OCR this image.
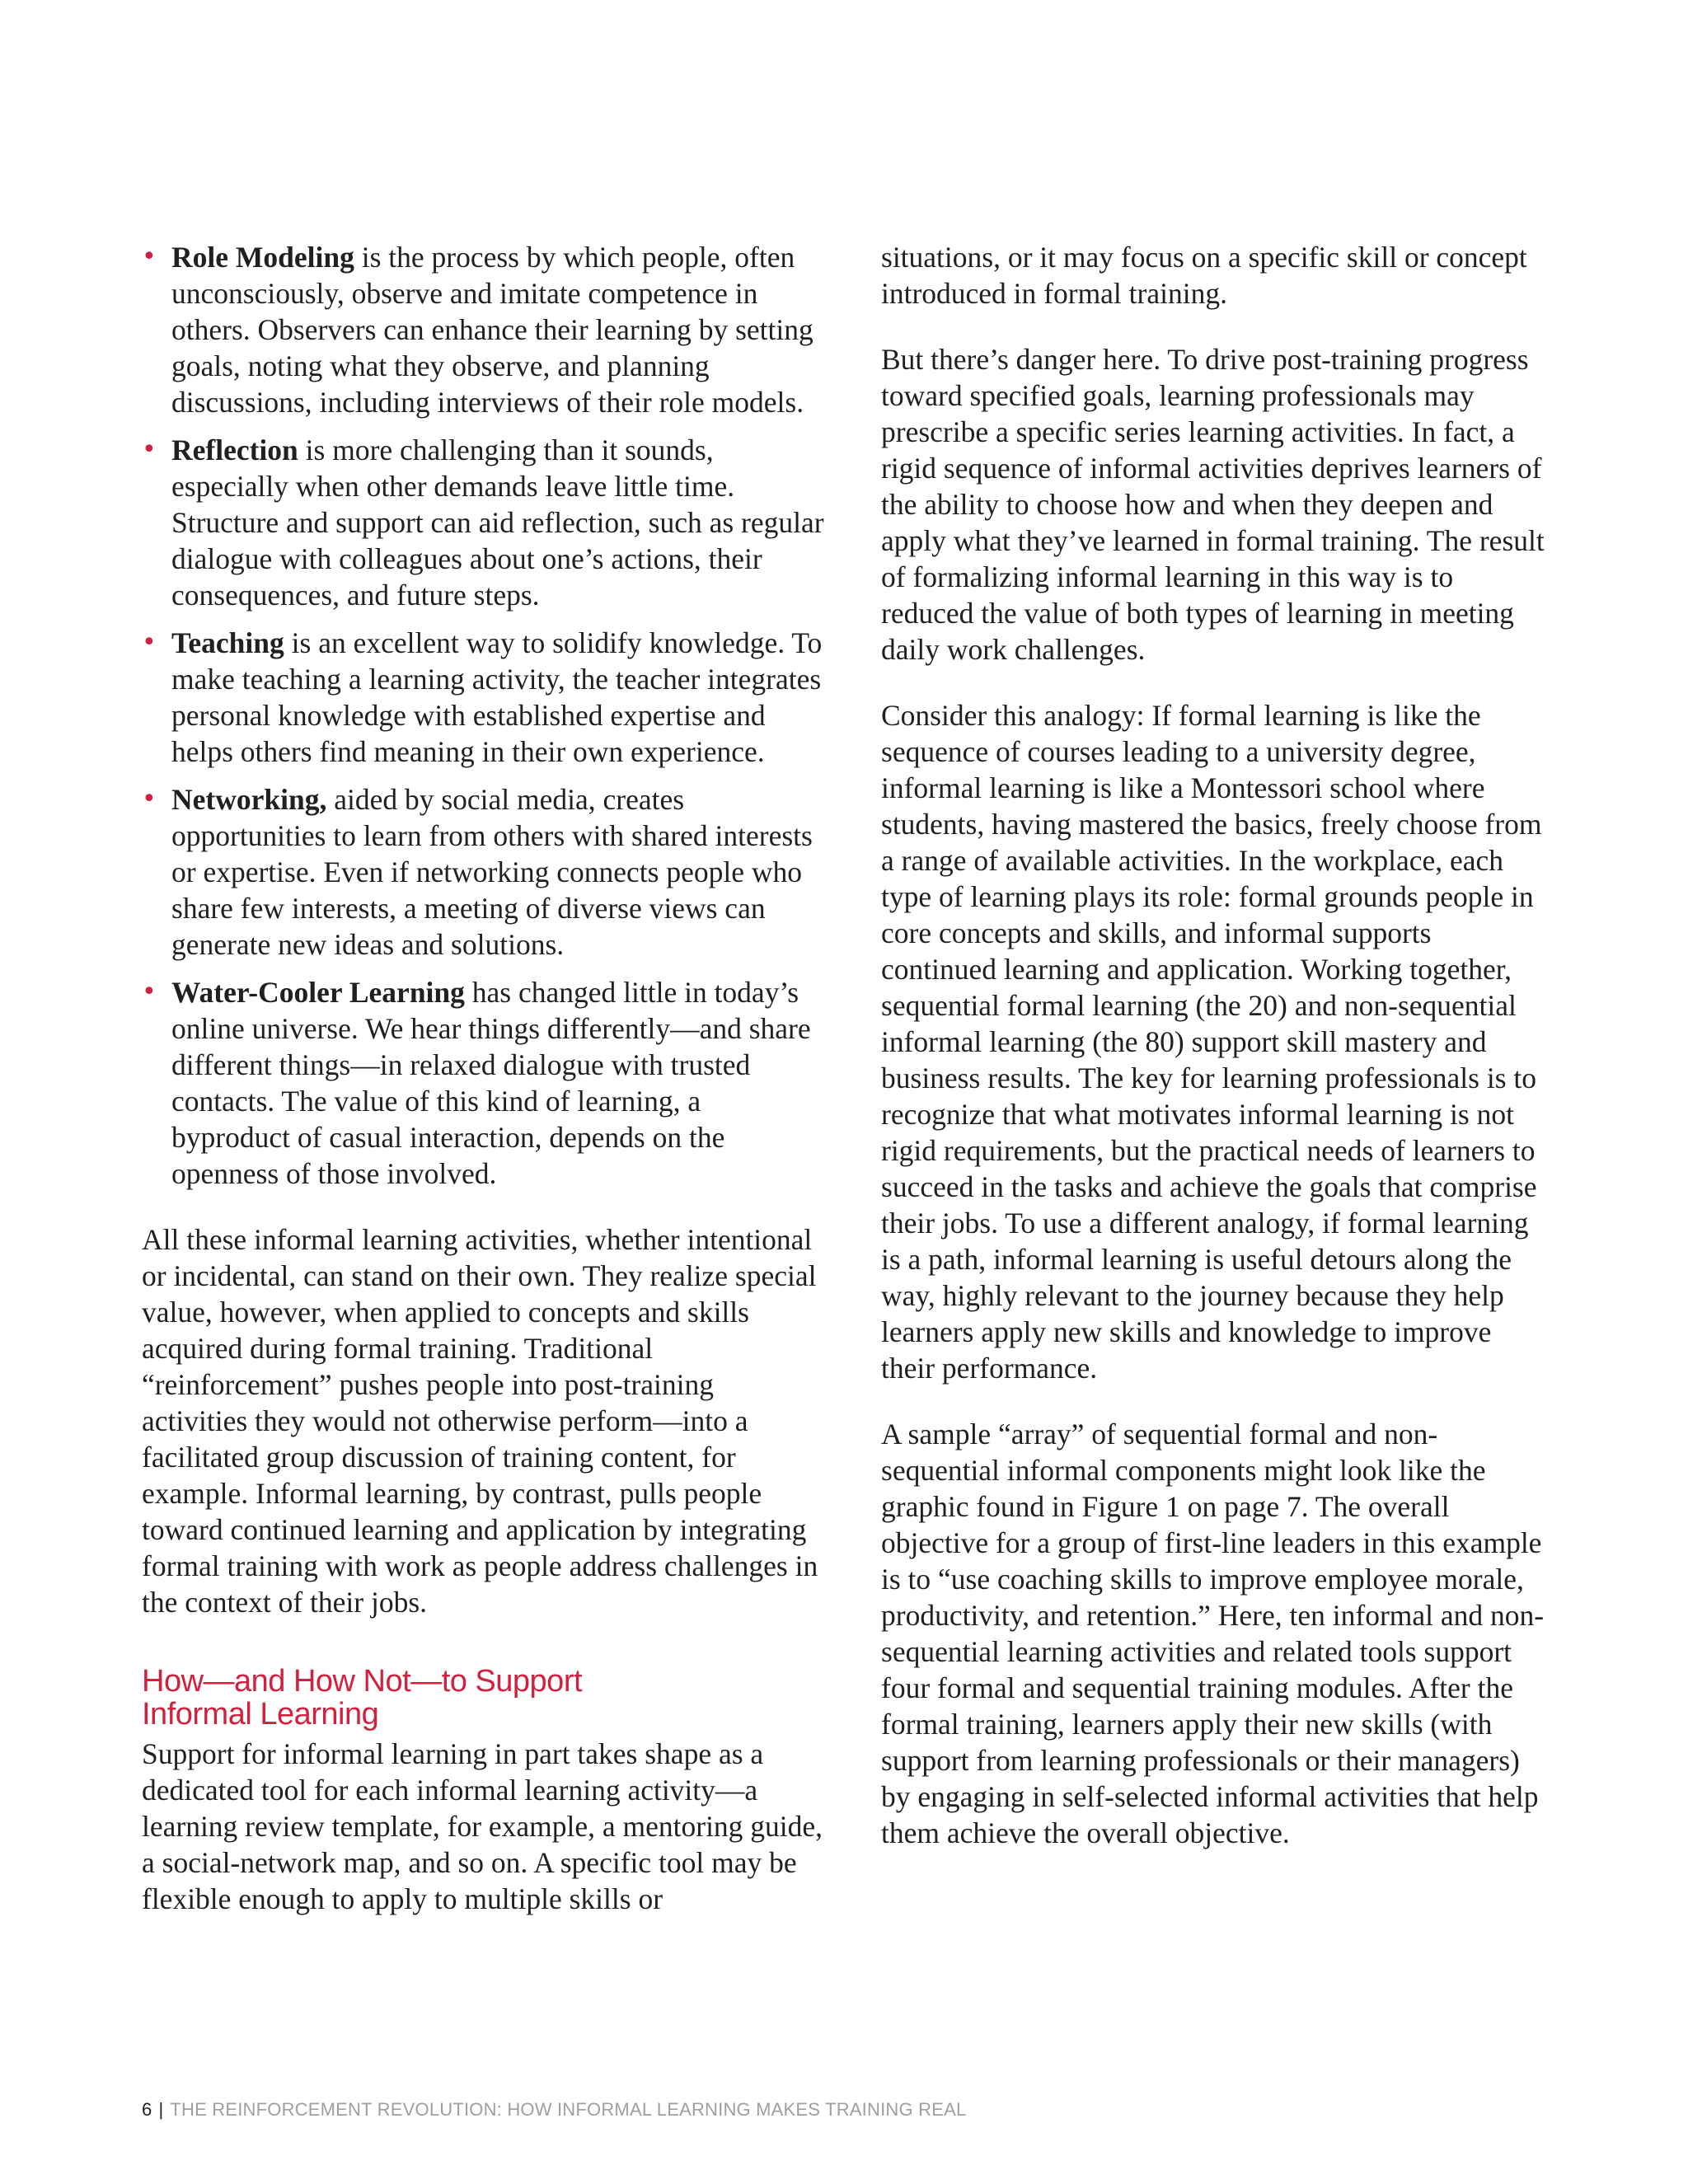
• Role Modeling is the process by which people, often unconsciously, observe and imitate competence in others. Observers can enhance their learning by setting goals, noting what they observe, and planning discussions, including interviews of their role models.
• Reflection is more challenging than it sounds, especially when other demands leave little time. Structure and support can aid reflection, such as regular dialogue with colleagues about one’s actions, their consequences, and future steps.
• Teaching is an excellent way to solidify knowledge. To make teaching a learning activity, the teacher integrates personal knowledge with established expertise and helps others find meaning in their own experience.
• Networking, aided by social media, creates opportunities to learn from others with shared interests or expertise. Even if networking connects people who share few interests, a meeting of diverse views can generate new ideas and solutions.
• Water-Cooler Learning has changed little in today’s online universe. We hear things differently—and share different things—in relaxed dialogue with trusted contacts. The value of this kind of learning, a byproduct of casual interaction, depends on the openness of those involved.

All these informal learning activities, whether intentional or incidental, can stand on their own. They realize special value, however, when applied to concepts and skills acquired during formal training. Traditional “reinforcement” pushes people into post-training activities they would not otherwise perform—into a facilitated group discussion of training content, for example. Informal learning, by contrast, pulls people toward continued learning and application by integrating formal training with work as people address challenges in the context of their jobs.

How—and How Not—to Support Informal Learning

Support for informal learning in part takes shape as a dedicated tool for each informal learning activity—a learning review template, for example, a mentoring guide, a social-network map, and so on. A specific tool may be flexible enough to apply to multiple skills or

situations, or it may focus on a specific skill or concept introduced in formal training.

But there’s danger here. To drive post-training progress toward specified goals, learning professionals may prescribe a specific series learning activities. In fact, a rigid sequence of informal activities deprives learners of the ability to choose how and when they deepen and apply what they’ve learned in formal training. The result of formalizing informal learning in this way is to reduced the value of both types of learning in meeting daily work challenges.

Consider this analogy: If formal learning is like the sequence of courses leading to a university degree, informal learning is like a Montessori school where students, having mastered the basics, freely choose from a range of available activities. In the workplace, each type of learning plays its role: formal grounds people in core concepts and skills, and informal supports continued learning and application. Working together, sequential formal learning (the 20) and non-sequential informal learning (the 80) support skill mastery and business results. The key for learning professionals is to recognize that what motivates informal learning is not rigid requirements, but the practical needs of learners to succeed in the tasks and achieve the goals that comprise their jobs. To use a different analogy, if formal learning is a path, informal learning is useful detours along the way, highly relevant to the journey because they help learners apply new skills and knowledge to improve their performance.

A sample “array” of sequential formal and non-sequential informal components might look like the graphic found in Figure 1 on page 7. The overall objective for a group of first-line leaders in this example is to “use coaching skills to improve employee morale, productivity, and retention.” Here, ten informal and non-sequential learning activities and related tools support four formal and sequential training modules. After the formal training, learners apply their new skills (with support from learning professionals or their managers) by engaging in self-selected informal activities that help them achieve the overall objective.

6 | THE REINFORCEMENT REVOLUTION: HOW INFORMAL LEARNING MAKES TRAINING REAL
